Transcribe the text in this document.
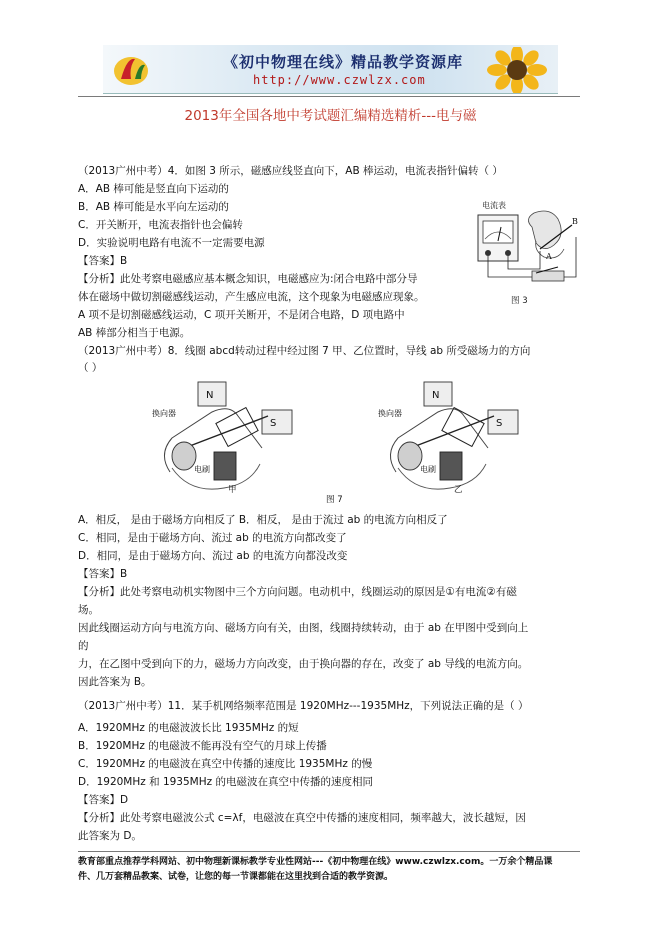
《初中物理在线》精品教学资源库
http://www.czwlzx.com
2013年全国各地中考试题汇编精选精析---电与磁
（2013广州中考）4．如图 3 所示，磁感应线竖直向下，AB 棒运动，电流表指针偏转（ ）
A．AB 棒可能是竖直向下运动的
B．AB 棒可能是水平向左运动的
C．开关断开，电流表指针也会偏转
D．实验说明电路有电流不一定需要电源
【答案】B
【分析】此处考察电磁感应基本概念知识，电磁感应为:闭合电路中部分导
体在磁场中做切割磁感线运动，产生感应电流，这个现象为电磁感应现象。
A 项不是切割磁感线运动，C 项开关断开，不是闭合电路，D 项电路中
AB 棒部分相当于电源。
电流表
B
A
图 3
（2013广州中考）8．线圈 abcd转动过程中经过图 7 甲、乙位置时，导线 ab 所受磁场力的方向
（ ）
N
S
换向器
电刷
甲
N
S
换向器
电刷
乙
图 7
A．相反， 是由于磁场方向相反了 B．相反， 是由于流过 ab 的电流方向相反了
C．相同，是由于磁场方向、流过 ab 的电流方向都改变了
D．相同，是由于磁场方向、流过 ab 的电流方向都没改变
【答案】B
【分析】此处考察电动机实物图中三个方向问题。电动机中，线圈运动的原因是①有电流②有磁
场。
因此线圈运动方向与电流方向、磁场方向有关，由图，线圈持续转动，由于 ab 在甲图中受到向上
的
力，在乙图中受到向下的力，磁场力方向改变，由于换向器的存在，改变了 ab 导线的电流方向。
因此答案为 B。
（2013广州中考）11．某手机网络频率范围是 1920MHz---1935MHz，下列说法正确的是（ ）
A．1920MHz 的电磁波波长比 1935MHz 的短
B．1920MHz 的电磁波不能再没有空气的月球上传播
C．1920MHz 的电磁波在真空中传播的速度比 1935MHz 的慢
D．1920MHz 和 1935MHz 的电磁波在真空中传播的速度相同
【答案】D
【分析】此处考察电磁波公式 c=λf，电磁波在真空中传播的速度相同，频率越大，波长越短，因
此答案为 D。
教育部重点推荐学科网站、初中物理新课标教学专业性网站---《初中物理在线》www.czwlzx.com。一万余个精品课
件、几万套精品教案、试卷，让您的每一节课都能在这里找到合适的教学资源。
